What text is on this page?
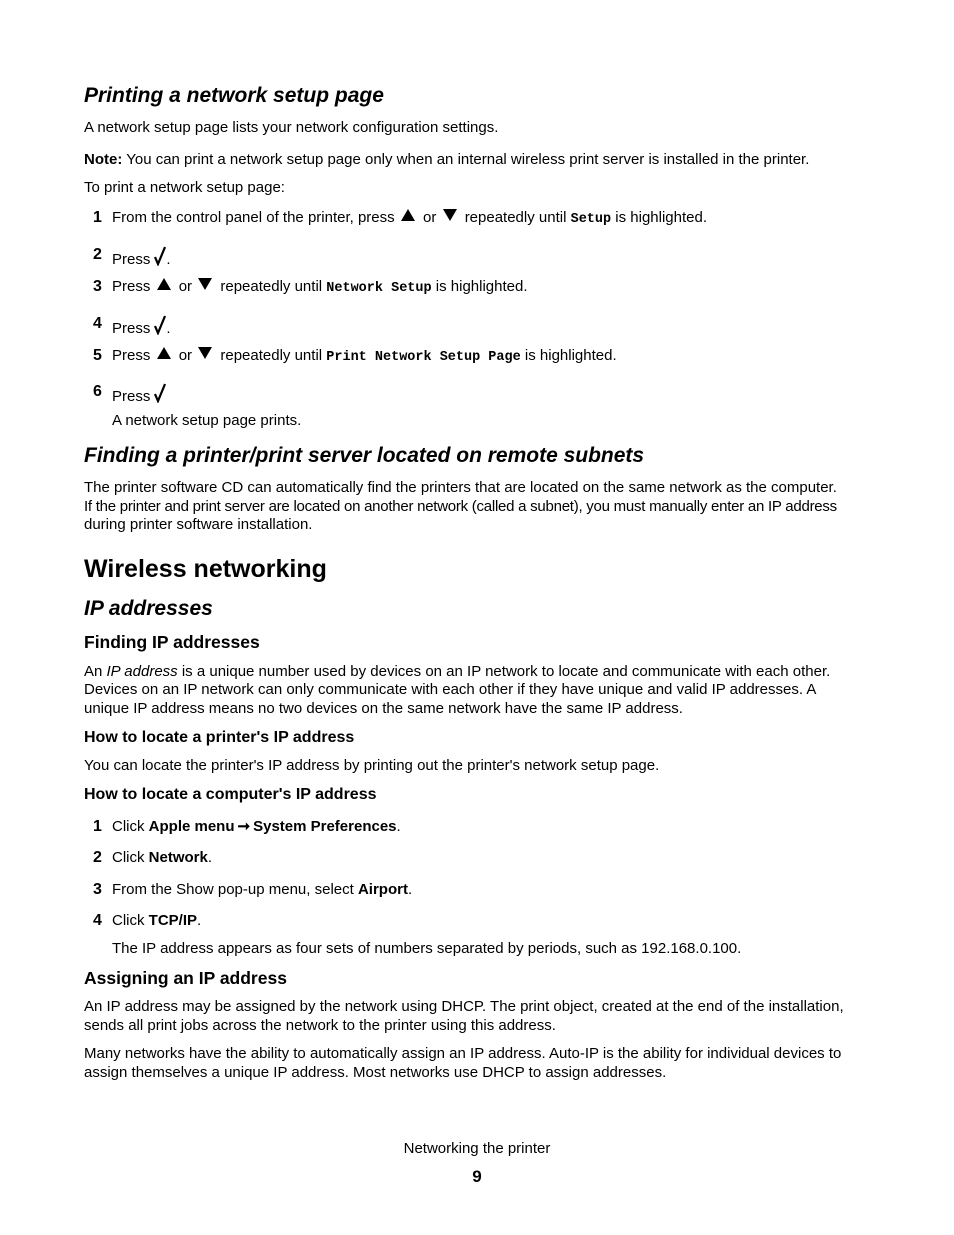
Printing a network setup page
A network setup page lists your network configuration settings.
Note: You can print a network setup page only when an internal wireless print server is installed in the printer.
To print a network setup page:
1 From the control panel of the printer, press or repeatedly until Setup is highlighted.
2 Press .
3 Press or repeatedly until Network Setup is highlighted.
4 Press .
5 Press or repeatedly until Print Network Setup Page is highlighted.
6 Press
A network setup page prints.
Finding a printer/print server located on remote subnets
The printer software CD can automatically find the printers that are located on the same network as the computer.
If the printer and print server are located on another network (called a subnet), you must manually enter an IP address
during printer software installation.
Wireless networking
IP addresses
Finding IP addresses
An IP address is a unique number used by devices on an IP network to locate and communicate with each other.
Devices on an IP network can only communicate with each other if they have unique and valid IP addresses. A
unique IP address means no two devices on the same network have the same IP address.
How to locate a printer's IP address
You can locate the printer's IP address by printing out the printer's network setup page.
How to locate a computer's IP address
1 Click Apple menu ➞ System Preferences.
2 Click Network.
3 From the Show pop-up menu, select Airport.
4 Click TCP/IP.
The IP address appears as four sets of numbers separated by periods, such as 192.168.0.100.
Assigning an IP address
An IP address may be assigned by the network using DHCP. The print object, created at the end of the installation,
sends all print jobs across the network to the printer using this address.
Many networks have the ability to automatically assign an IP address. Auto-IP is the ability for individual devices to
assign themselves a unique IP address. Most networks use DHCP to assign addresses.
Networking the printer
9
